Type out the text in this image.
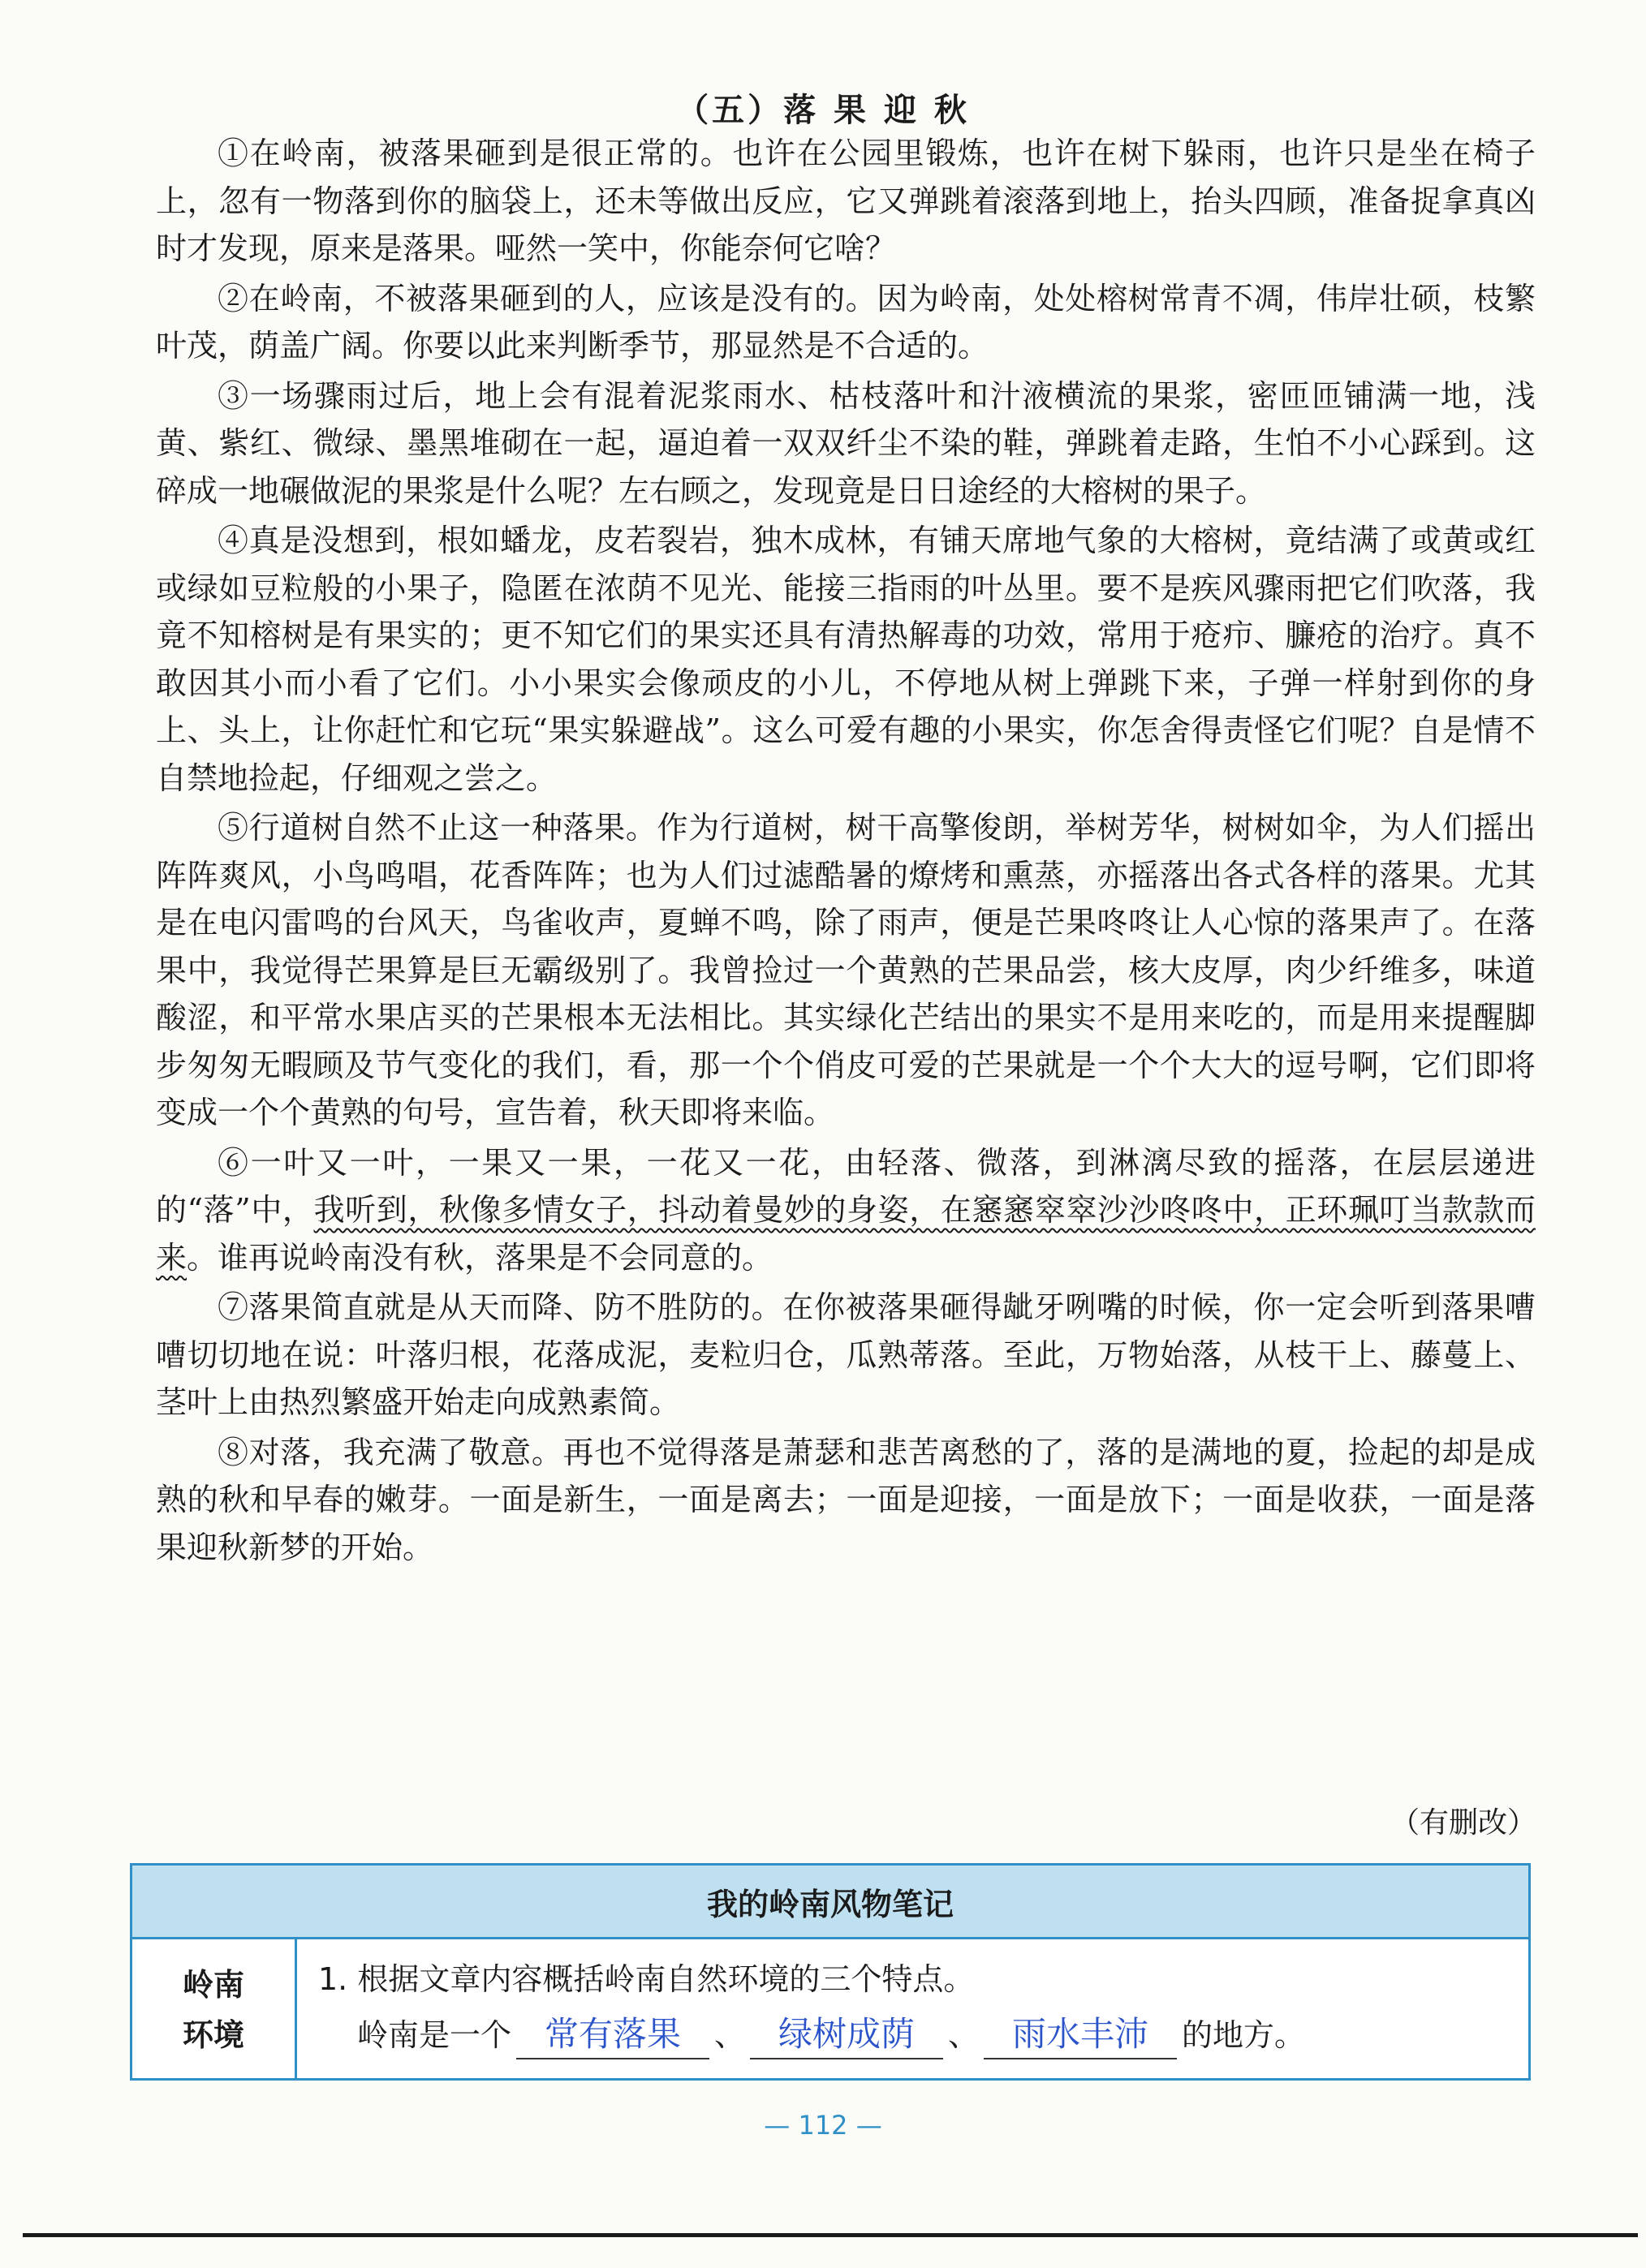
（五）落 果 迎 秋

①在岭南，被落果砸到是很正常的。也许在公园里锻炼，也许在树下躲雨，也许只是坐在椅子上，忽有一物落到你的脑袋上，还未等做出反应，它又弹跳着滚落到地上，抬头四顾，准备捉拿真凶时才发现，原来是落果。哑然一笑中，你能奈何它啥？

②在岭南，不被落果砸到的人，应该是没有的。因为岭南，处处榕树常青不凋，伟岸壮硕，枝繁叶茂，荫盖广阔。你要以此来判断季节，那显然是不合适的。

③一场骤雨过后，地上会有混着泥浆雨水、枯枝落叶和汁液横流的果浆，密匝匝铺满一地，浅黄、紫红、微绿、墨黑堆砌在一起，逼迫着一双双纤尘不染的鞋，弹跳着走路，生怕不小心踩到。这碎成一地碾做泥的果浆是什么呢？左右顾之，发现竟是日日途经的大榕树的果子。

④真是没想到，根如蟠龙，皮若裂岩，独木成林，有铺天席地气象的大榕树，竟结满了或黄或红或绿如豆粒般的小果子，隐匿在浓荫不见光、能接三指雨的叶丛里。要不是疾风骤雨把它们吹落，我竟不知榕树是有果实的；更不知它们的果实还具有清热解毒的功效，常用于疮疖、臁疮的治疗。真不敢因其小而小看了它们。小小果实会像顽皮的小儿，不停地从树上弹跳下来，子弹一样射到你的身上、头上，让你赶忙和它玩“果实躲避战”。这么可爱有趣的小果实，你怎舍得责怪它们呢？自是情不自禁地捡起，仔细观之尝之。

⑤行道树自然不止这一种落果。作为行道树，树干高擎俊朗，举树芳华，树树如伞，为人们摇出阵阵爽风，小鸟鸣唱，花香阵阵；也为人们过滤酷暑的燎烤和熏蒸，亦摇落出各式各样的落果。尤其是在电闪雷鸣的台风天，鸟雀收声，夏蝉不鸣，除了雨声，便是芒果咚咚让人心惊的落果声了。在落果中，我觉得芒果算是巨无霸级别了。我曾捡过一个黄熟的芒果品尝，核大皮厚，肉少纤维多，味道酸涩，和平常水果店买的芒果根本无法相比。其实绿化芒结出的果实不是用来吃的，而是用来提醒脚步匆匆无暇顾及节气变化的我们，看，那一个个俏皮可爱的芒果就是一个个大大的逗号啊，它们即将变成一个个黄熟的句号，宣告着，秋天即将来临。

⑥一叶又一叶，一果又一果，一花又一花，由轻落、微落，到淋漓尽致的摇落，在层层递进的“落”中，我听到，秋像多情女子，抖动着曼妙的身姿，在窸窸窣窣沙沙咚咚中，正环珮叮当款款而来。谁再说岭南没有秋，落果是不会同意的。

⑦落果简直就是从天而降、防不胜防的。在你被落果砸得龇牙咧嘴的时候，你一定会听到落果嘈嘈切切地在说：叶落归根，花落成泥，麦粒归仓，瓜熟蒂落。至此，万物始落，从枝干上、藤蔓上、茎叶上由热烈繁盛开始走向成熟素简。

⑧对落，我充满了敬意。再也不觉得落是萧瑟和悲苦离愁的了，落的是满地的夏，捡起的却是成熟的秋和早春的嫩芽。一面是新生，一面是离去；一面是迎接，一面是放下；一面是收获，一面是落果迎秋新梦的开始。

（有删改）
我的岭南风物笔记
岭南
环境
1. 根据文章内容概括岭南自然环境的三个特点。
岭南是一个 常有落果 、 绿树成荫 、 雨水丰沛 的地方。
— 112 —
